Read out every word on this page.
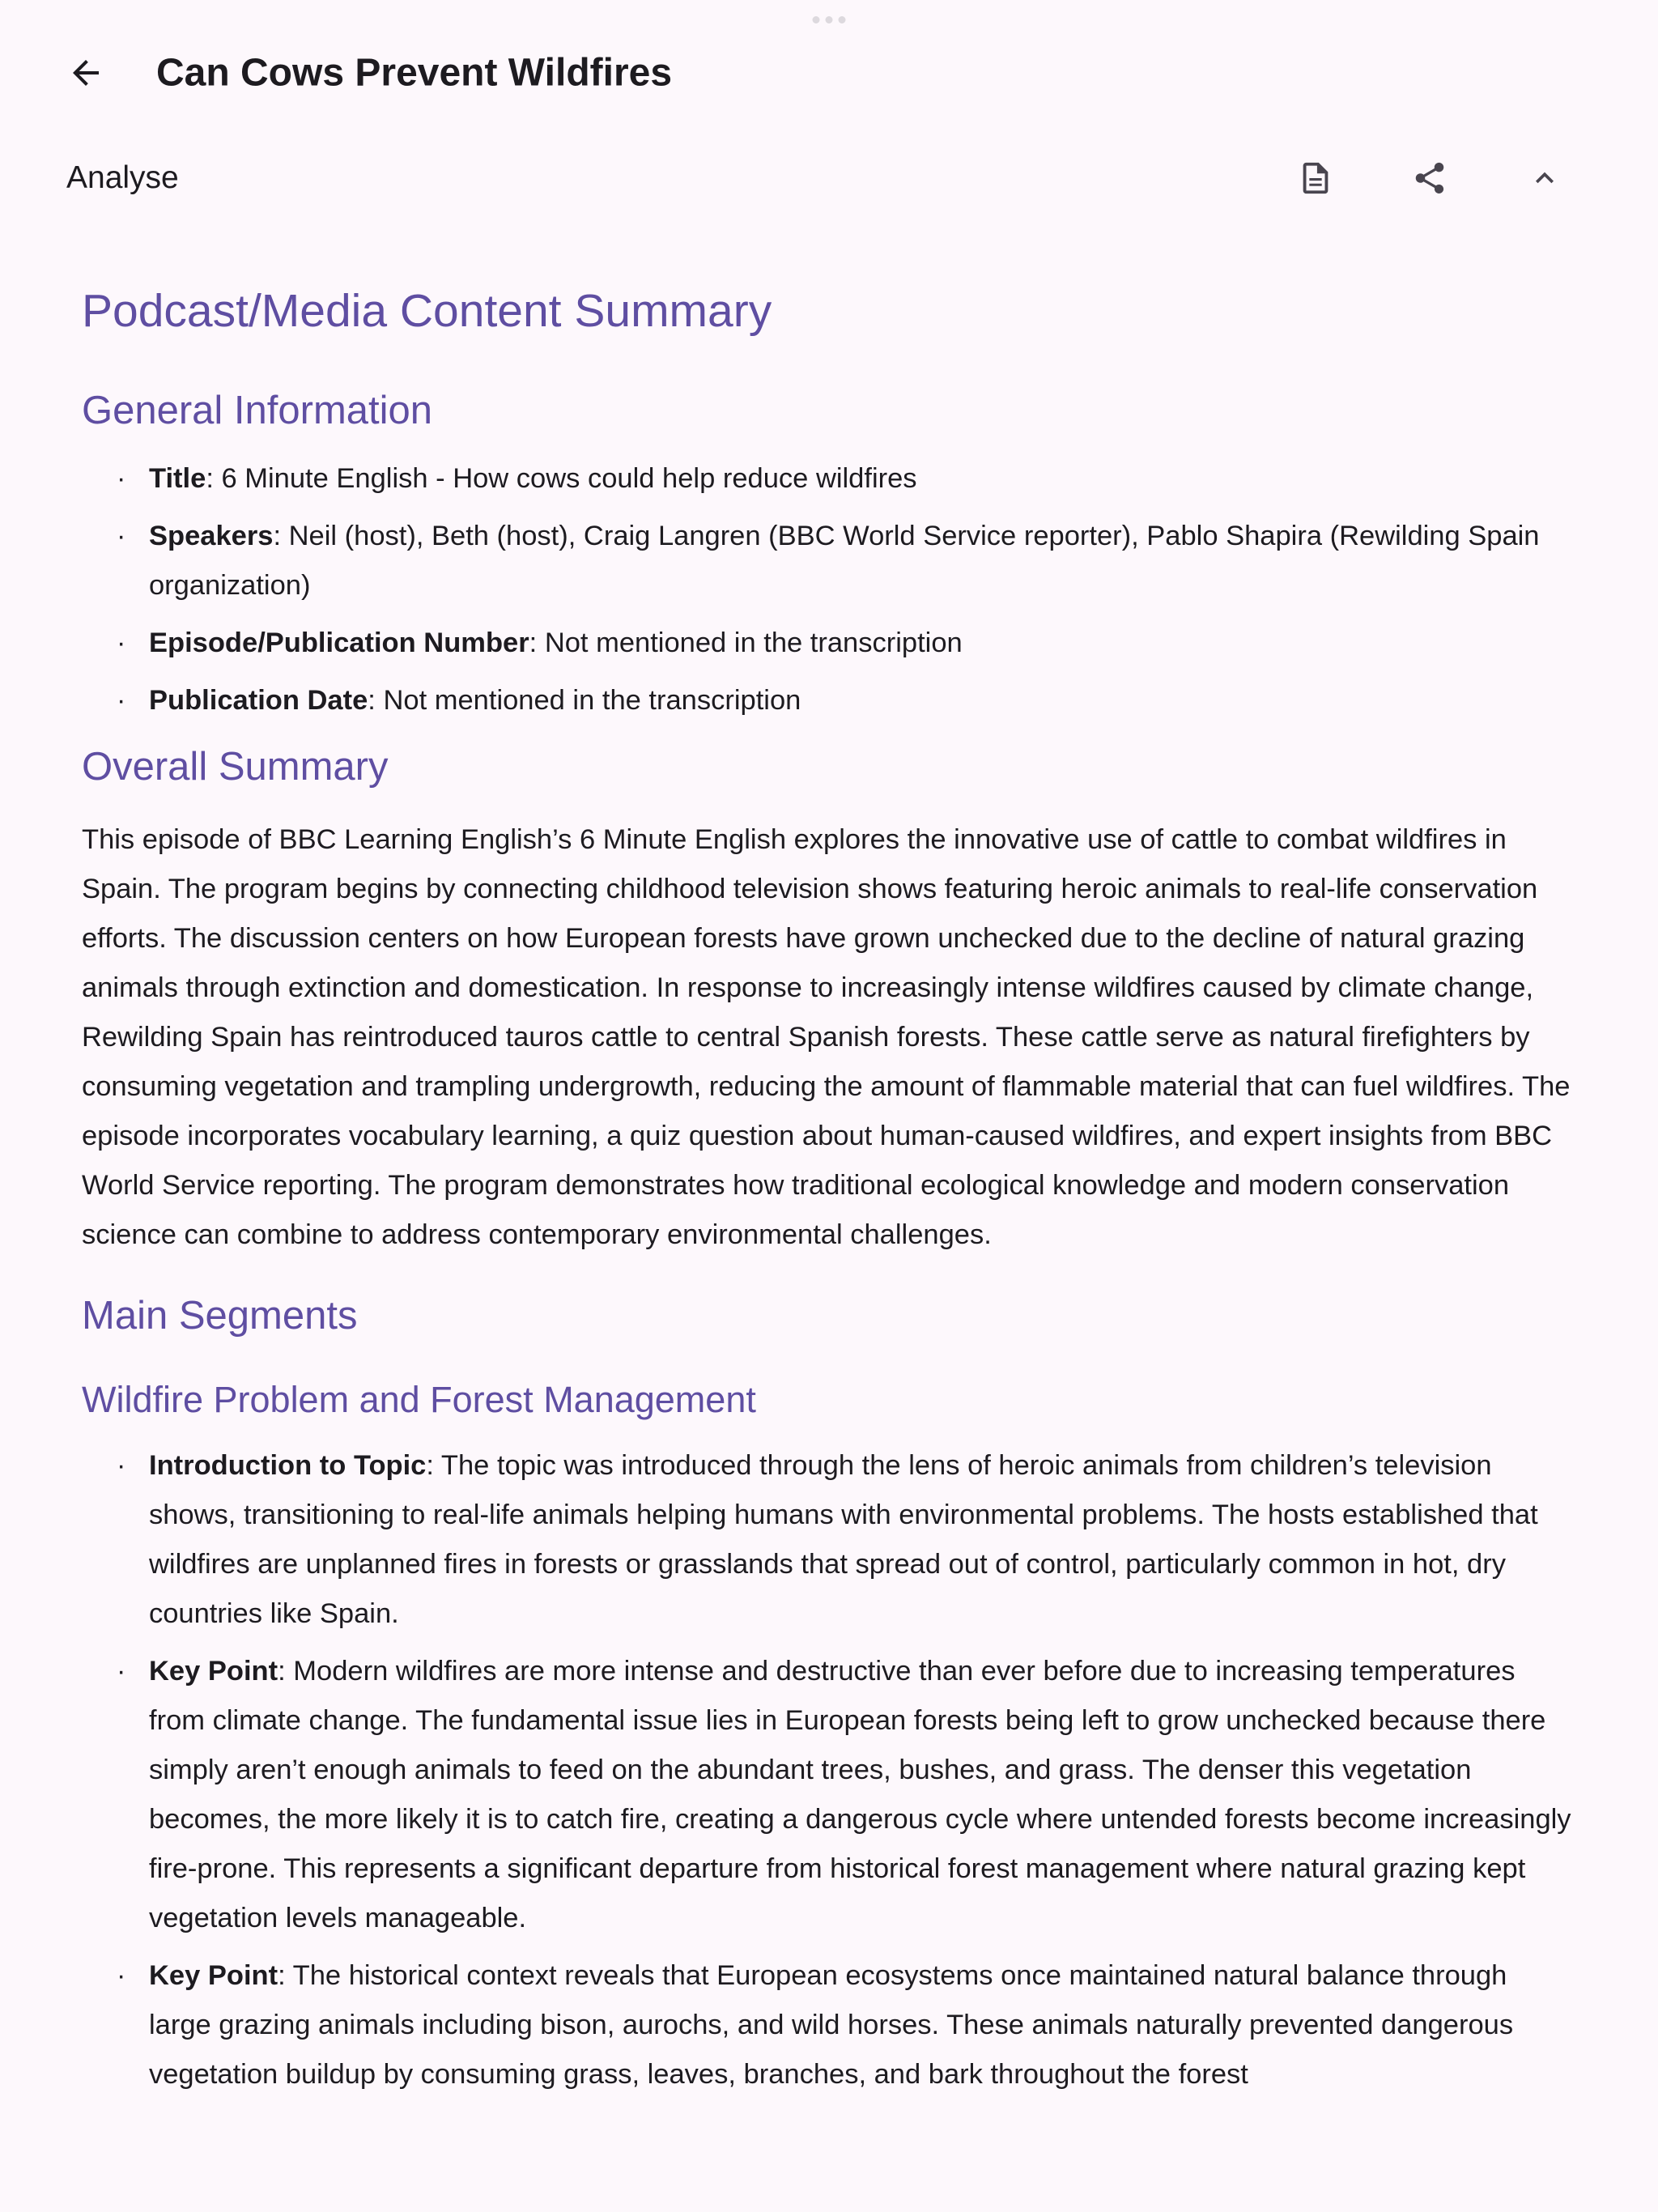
Can Cows Prevent Wildfires
Analyse
Podcast/Media Content Summary
General Information
· Title: 6 Minute English - How cows could help reduce wildfires
· Speakers: Neil (host), Beth (host), Craig Langren (BBC World Service reporter), Pablo Shapira (Rewilding Spain organization)
· Episode/Publication Number: Not mentioned in the transcription
· Publication Date: Not mentioned in the transcription
Overall Summary

This episode of BBC Learning English’s 6 Minute English explores the innovative use of cattle to combat wildfires in Spain. The program begins by connecting childhood television shows featuring heroic animals to real-life conservation efforts. The discussion centers on how European forests have grown unchecked due to the decline of natural grazing animals through extinction and domestication. In response to increasingly intense wildfires caused by climate change, Rewilding Spain has reintroduced tauros cattle to central Spanish forests. These cattle serve as natural firefighters by consuming vegetation and trampling undergrowth, reducing the amount of flammable material that can fuel wildfires. The episode incorporates vocabulary learning, a quiz question about human-caused wildfires, and expert insights from BBC World Service reporting. The program demonstrates how traditional ecological knowledge and modern conservation science can combine to address contemporary environmental challenges.

Main Segments
Wildfire Problem and Forest Management
· Introduction to Topic: The topic was introduced through the lens of heroic animals from children’s television shows, transitioning to real-life animals helping humans with environmental problems. The hosts established that wildfires are unplanned fires in forests or grasslands that spread out of control, particularly common in hot, dry countries like Spain.
· Key Point: Modern wildfires are more intense and destructive than ever before due to increasing temperatures from climate change. The fundamental issue lies in European forests being left to grow unchecked because there simply aren’t enough animals to feed on the abundant trees, bushes, and grass. The denser this vegetation becomes, the more likely it is to catch fire, creating a dangerous cycle where untended forests become increasingly fire-prone. This represents a significant departure from historical forest management where natural grazing kept vegetation levels manageable.
· Key Point: The historical context reveals that European ecosystems once maintained natural balance through large grazing animals including bison, aurochs, and wild horses. These animals naturally prevented dangerous vegetation buildup by consuming grass, leaves, branches, and bark throughout the forest
